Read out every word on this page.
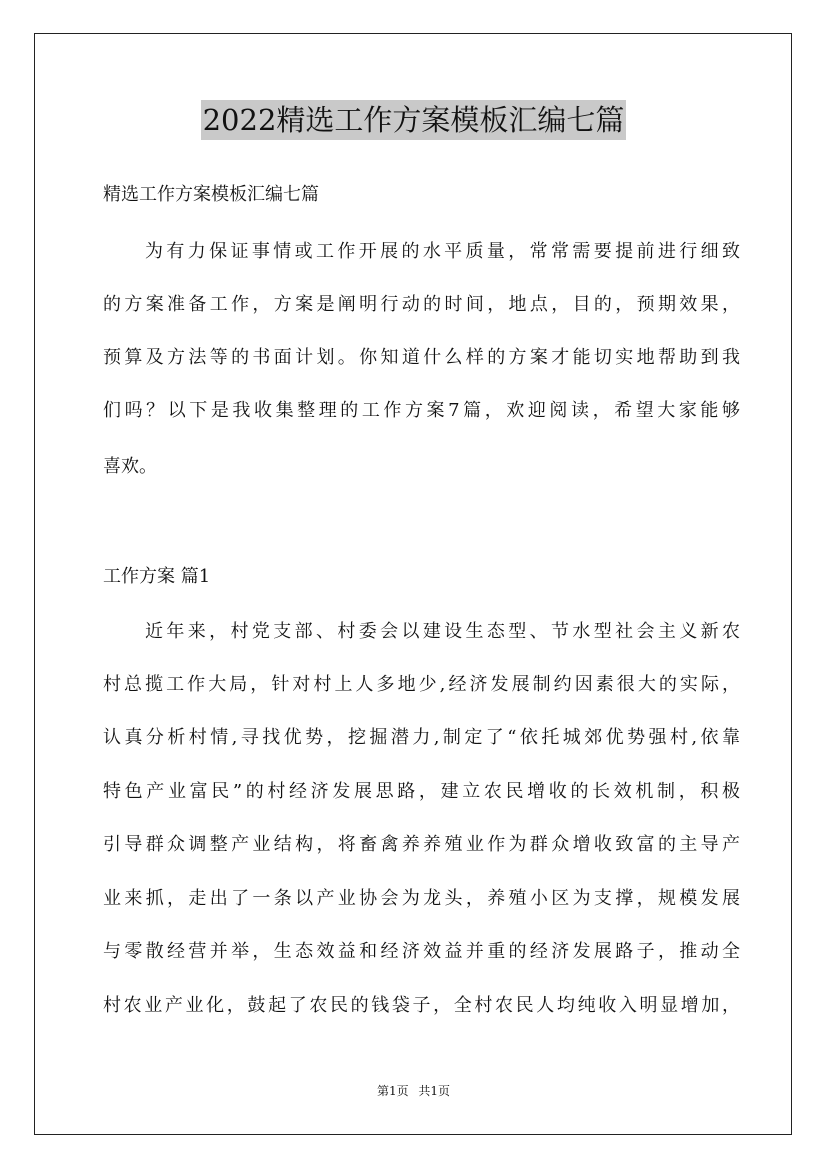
2022精选工作方案模板汇编七篇
精选工作方案模板汇编七篇
为有力保证事情或工作开展的水平质量，常常需要提前进行细致
的方案准备工作，方案是阐明行动的时间，地点，目的，预期效果，
预算及方法等的书面计划。你知道什么样的方案才能切实地帮助到我
们吗？以下是我收集整理的工作方案7篇，欢迎阅读，希望大家能够
喜欢。
工作方案 篇1
近年来，村党支部、村委会以建设生态型、节水型社会主义新农
村总揽工作大局，针对村上人多地少,经济发展制约因素很大的实际，
认真分析村情,寻找优势，挖掘潜力,制定了“依托城郊优势强村,依靠
特色产业富民”的村经济发展思路，建立农民增收的长效机制，积极
引导群众调整产业结构，将畜禽养养殖业作为群众增收致富的主导产
业来抓，走出了一条以产业协会为龙头，养殖小区为支撑，规模发展
与零散经营并举，生态效益和经济效益并重的经济发展路子，推动全
村农业产业化，鼓起了农民的钱袋子，全村农民人均纯收入明显增加，
第1页 共1页
